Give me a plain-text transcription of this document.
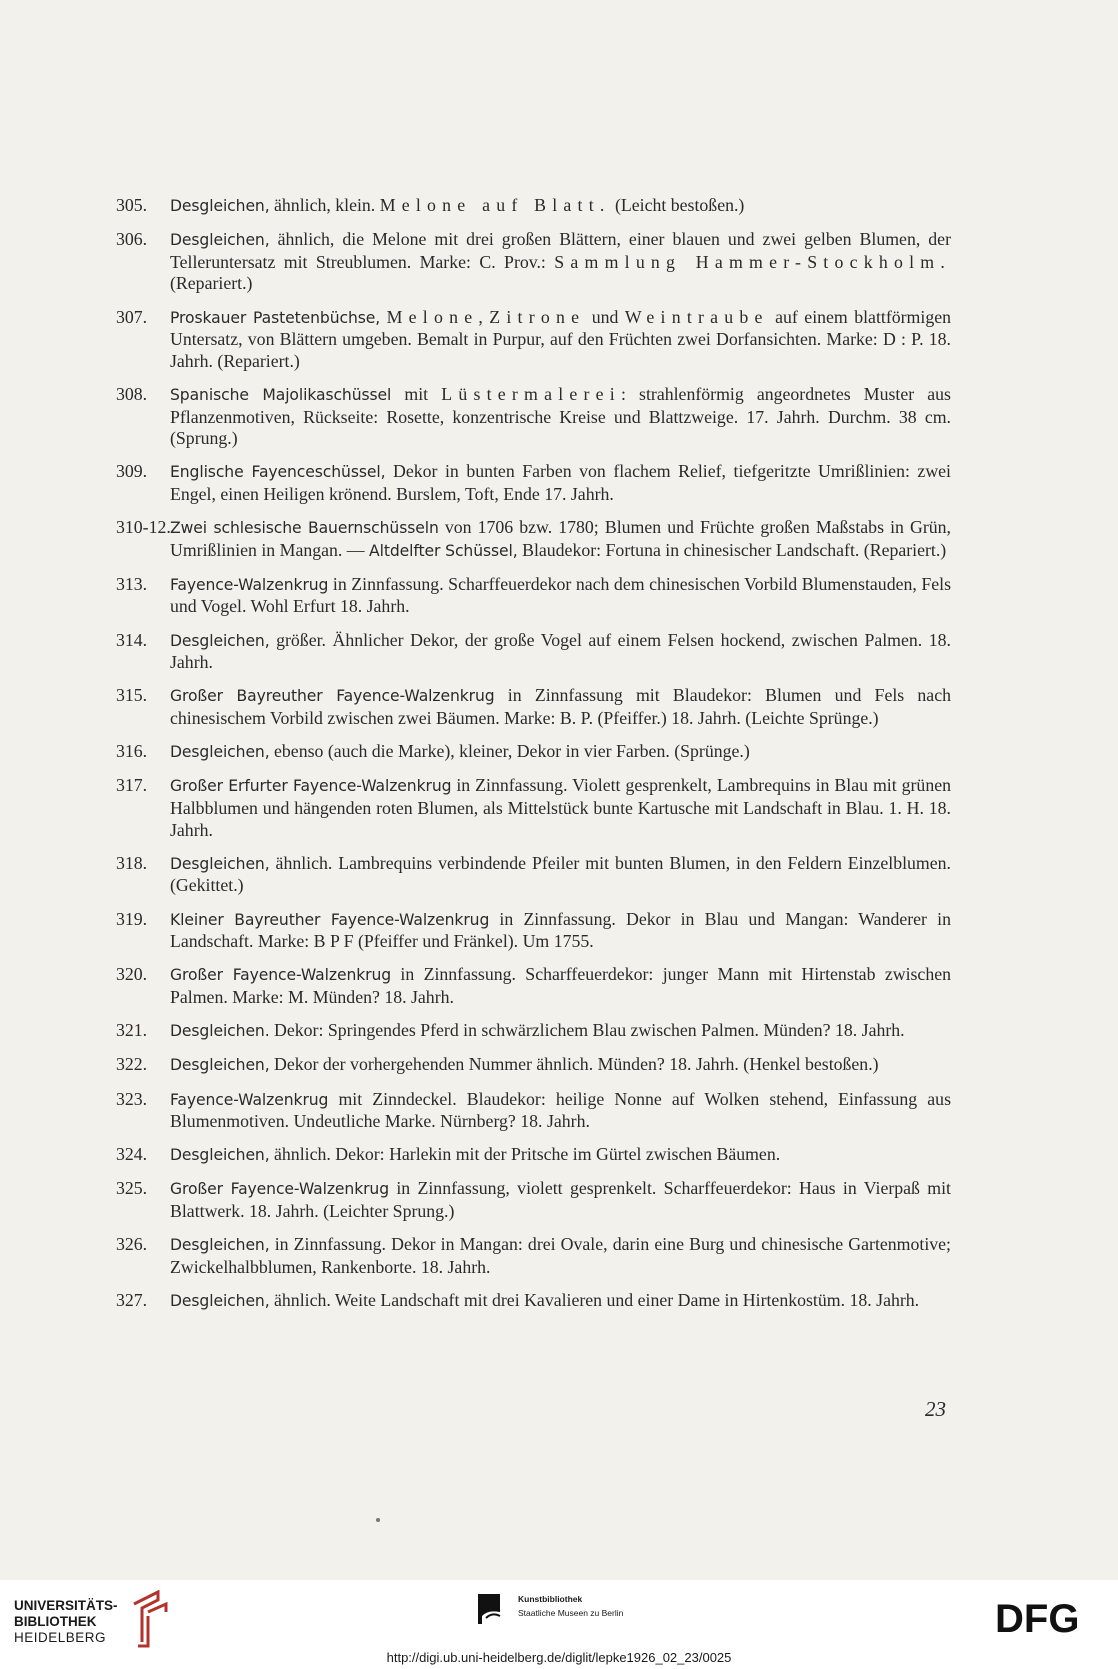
305. Desgleichen, ähnlich, klein. Melone auf Blatt. (Leicht bestoßen.)

306. Desgleichen, ähnlich, die Melone mit drei großen Blättern, einer blauen und zwei gelben Blumen, der Telleruntersatz mit Streublumen. Marke: C. Prov.: Sammlung Hammer-Stockholm. (Repariert.)

307. Proskauer Pastetenbüchse, Melone, Zitrone und Weintraube auf einem blattförmigen Untersatz, von Blättern umgeben. Bemalt in Purpur, auf den Früchten zwei Dorfansichten. Marke: D : P. 18. Jahrh. (Repariert.)

308. Spanische Majolikaschüssel mit Lüstermalerei: strahlenförmig angeordnetes Muster aus Pflanzenmotiven, Rückseite: Rosette, konzentrische Kreise und Blattzweige. 17. Jahrh. Durchm. 38 cm. (Sprung.)

309. Englische Fayenceschüssel, Dekor in bunten Farben von flachem Relief, tiefgeritzte Umrißlinien: zwei Engel, einen Heiligen krönend. Burslem, Toft, Ende 17. Jahrh.

310-12. Zwei schlesische Bauernschüsseln von 1706 bzw. 1780; Blumen und Früchte großen Maßstabs in Grün, Umrißlinien in Mangan. — Altdelfter Schüssel, Blaudekor: Fortuna in chinesischer Landschaft. (Repariert.)

313. Fayence-Walzenkrug in Zinnfassung. Scharffeuerdekor nach dem chinesischen Vorbild Blumenstauden, Fels und Vogel. Wohl Erfurt 18. Jahrh.

314. Desgleichen, größer. Ähnlicher Dekor, der große Vogel auf einem Felsen hockend, zwischen Palmen. 18. Jahrh.

315. Großer Bayreuther Fayence-Walzenkrug in Zinnfassung mit Blaudekor: Blumen und Fels nach chinesischem Vorbild zwischen zwei Bäumen. Marke: B. P. (Pfeiffer.) 18. Jahrh. (Leichte Sprünge.)

316. Desgleichen, ebenso (auch die Marke), kleiner, Dekor in vier Farben. (Sprünge.)

317. Großer Erfurter Fayence-Walzenkrug in Zinnfassung. Violett gesprenkelt, Lambrequins in Blau mit grünen Halbblumen und hängenden roten Blumen, als Mittelstück bunte Kartusche mit Landschaft in Blau. 1. H. 18. Jahrh.

318. Desgleichen, ähnlich. Lambrequins verbindende Pfeiler mit bunten Blumen, in den Feldern Einzelblumen. (Gekittet.)

319. Kleiner Bayreuther Fayence-Walzenkrug in Zinnfassung. Dekor in Blau und Mangan: Wanderer in Landschaft. Marke: B P F (Pfeiffer und Fränkel). Um 1755.

320. Großer Fayence-Walzenkrug in Zinnfassung. Scharffeuerdekor: junger Mann mit Hirtenstab zwischen Palmen. Marke: M. Münden? 18. Jahrh.

321. Desgleichen. Dekor: Springendes Pferd in schwärzlichem Blau zwischen Palmen. Münden? 18. Jahrh.

322. Desgleichen, Dekor der vorhergehenden Nummer ähnlich. Münden? 18. Jahrh. (Henkel bestoßen.)

323. Fayence-Walzenkrug mit Zinndeckel. Blaudekor: heilige Nonne auf Wolken stehend, Einfassung aus Blumenmotiven. Undeutliche Marke. Nürnberg? 18. Jahrh.

324. Desgleichen, ähnlich. Dekor: Harlekin mit der Pritsche im Gürtel zwischen Bäumen.

325. Großer Fayence-Walzenkrug in Zinnfassung, violett gesprenkelt. Scharffeuerdekor: Haus in Vierpaß mit Blattwerk. 18. Jahrh. (Leichter Sprung.)

326. Desgleichen, in Zinnfassung. Dekor in Mangan: drei Ovale, darin eine Burg und chinesische Gartenmotive; Zwickelhalbblumen, Rankenborte. 18. Jahrh.

327. Desgleichen, ähnlich. Weite Landschaft mit drei Kavalieren und einer Dame in Hirtenkostüm. 18. Jahrh.

23
UNIVERSITÄTS-
BIBLIOTHEK
HEIDELBERG
Kunstbibliothek
Staatliche Museen zu Berlin	DFG
http://digi.ub.uni-heidelberg.de/diglit/lepke1926_02_23/0025
